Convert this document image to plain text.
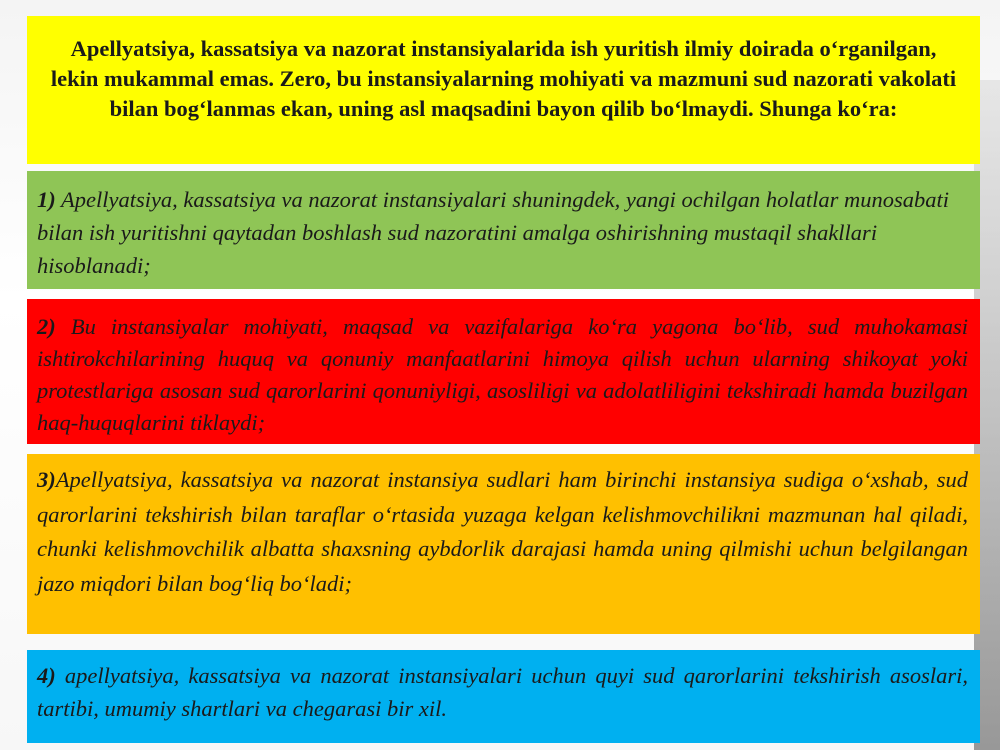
Apellyatsiya, kassatsiya va nazorat instansiyalarida ish yuritish ilmiy doirada o‘rganilgan, lekin mukammal emas. Zero, bu instansiyalarning mohiyati va mazmuni sud nazorati vakolati bilan bog‘lanmas ekan, uning asl maqsadini bayon qilib bo‘lmaydi. Shunga ko‘ra:
1) Apellyatsiya, kassatsiya va nazorat instansiyalari shuningdek, yangi ochilgan holatlar munosabati bilan ish yuritishni qaytadan boshlash sud nazoratini amalga oshirishning mustaqil shakllari hisoblanadi;
2) Bu instansiyalar mohiyati, maqsad va vazifalariga ko‘ra yagona bo‘lib, sud muhokamasi ishtirokchilarining huquq va qonuniy manfaatlarini himoya qilish uchun ularning shikoyat yoki protestlariga asosan sud qarorlarini qonuniyligi, asosliligi va adolatliligini tekshiradi hamda buzilgan haq-huquqlarini tiklaydi;
3)Apellyatsiya, kassatsiya va nazorat instansiya sudlari ham birinchi instansiya sudiga o‘xshab, sud qarorlarini tekshirish bilan taraflar o‘rtasida yuzaga kelgan kelishmovchilikni mazmunan hal qiladi, chunki kelishmovchilik albatta shaxsning aybdorlik darajasi hamda uning qilmishi uchun belgilangan jazo miqdori bilan bog‘liq bo‘ladi;
4) apellyatsiya, kassatsiya va nazorat instansiyalari uchun quyi sud qarorlarini tekshirish asoslari, tartibi, umumiy shartlari va chegarasi bir xil.
